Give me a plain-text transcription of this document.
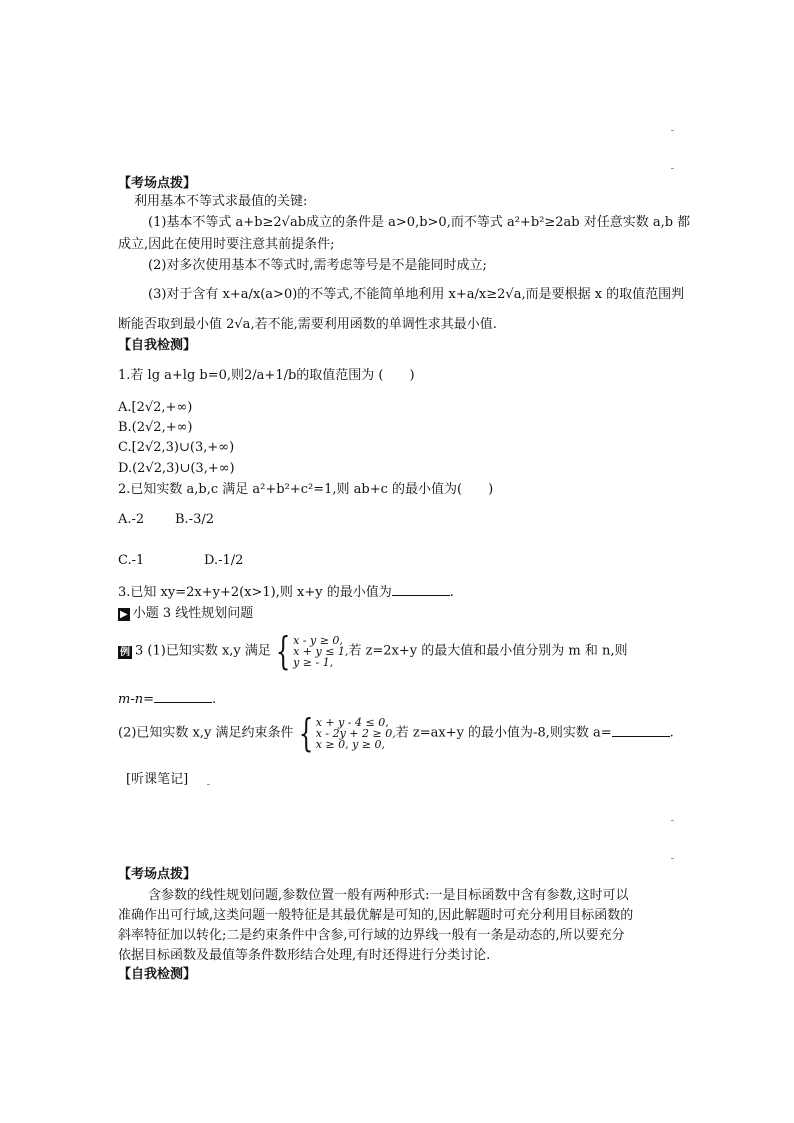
【考场点拨】
利用基本不等式求最值的关键:
(1)基本不等式 a+b≥2√ab成立的条件是 a>0,b>0,而不等式 a²+b²≥2ab 对任意实数 a,b 都
成立,因此在使用时要注意其前提条件;
(2)对多次使用基本不等式时,需考虑等号是不是能同时成立;
(3)对于含有 x+a/x(a>0)的不等式,不能简单地利用 x+a/x≥2√a,而是要根据 x 的取值范围判
断能否取到最小值 2√a,若不能,需要利用函数的单调性求其最小值.
【自我检测】
1.若 lg a+lg b=0,则2/a+1/b的取值范围为 (　　)
A.[2√2,+∞)
B.(2√2,+∞)
C.[2√2,3)∪(3,+∞)
D.(2√2,3)∪(3,+∞)
2.已知实数 a,b,c 满足 a²+b²+c²=1,则 ab+c 的最小值为(　　)
A.-2 B.-3/2
C.-1	D.-1/2
3.已知 xy=2x+y+2(x>1),则 x+y 的最小值为	.
▶ 小题 3 线性规划问题
例 3 (1)已知实数 x,y 满足 { x - y ≥ 0,
x + y ≤ 1,
y ≥ - 1,
若 z=2x+y 的最大值和最小值分别为 m 和 n,则
m-n=	.
(2)已知实数 x,y 满足约束条件 { x + y - 4 ≤ 0,
x - 2y + 2 ≥ 0,
x ≥ 0, y ≥ 0,
若 z=ax+y 的最小值为-8,则实数 a=	.
[听课笔记]
【考场点拨】
含参数的线性规划问题,参数位置一般有两种形式:一是目标函数中含有参数,这时可以
准确作出可行域,这类问题一般特征是其最优解是可知的,因此解题时可充分利用目标函数的
斜率特征加以转化;二是约束条件中含参,可行域的边界线一般有一条是动态的,所以要充分
依据目标函数及最值等条件数形结合处理,有时还得进行分类讨论.
【自我检测】
